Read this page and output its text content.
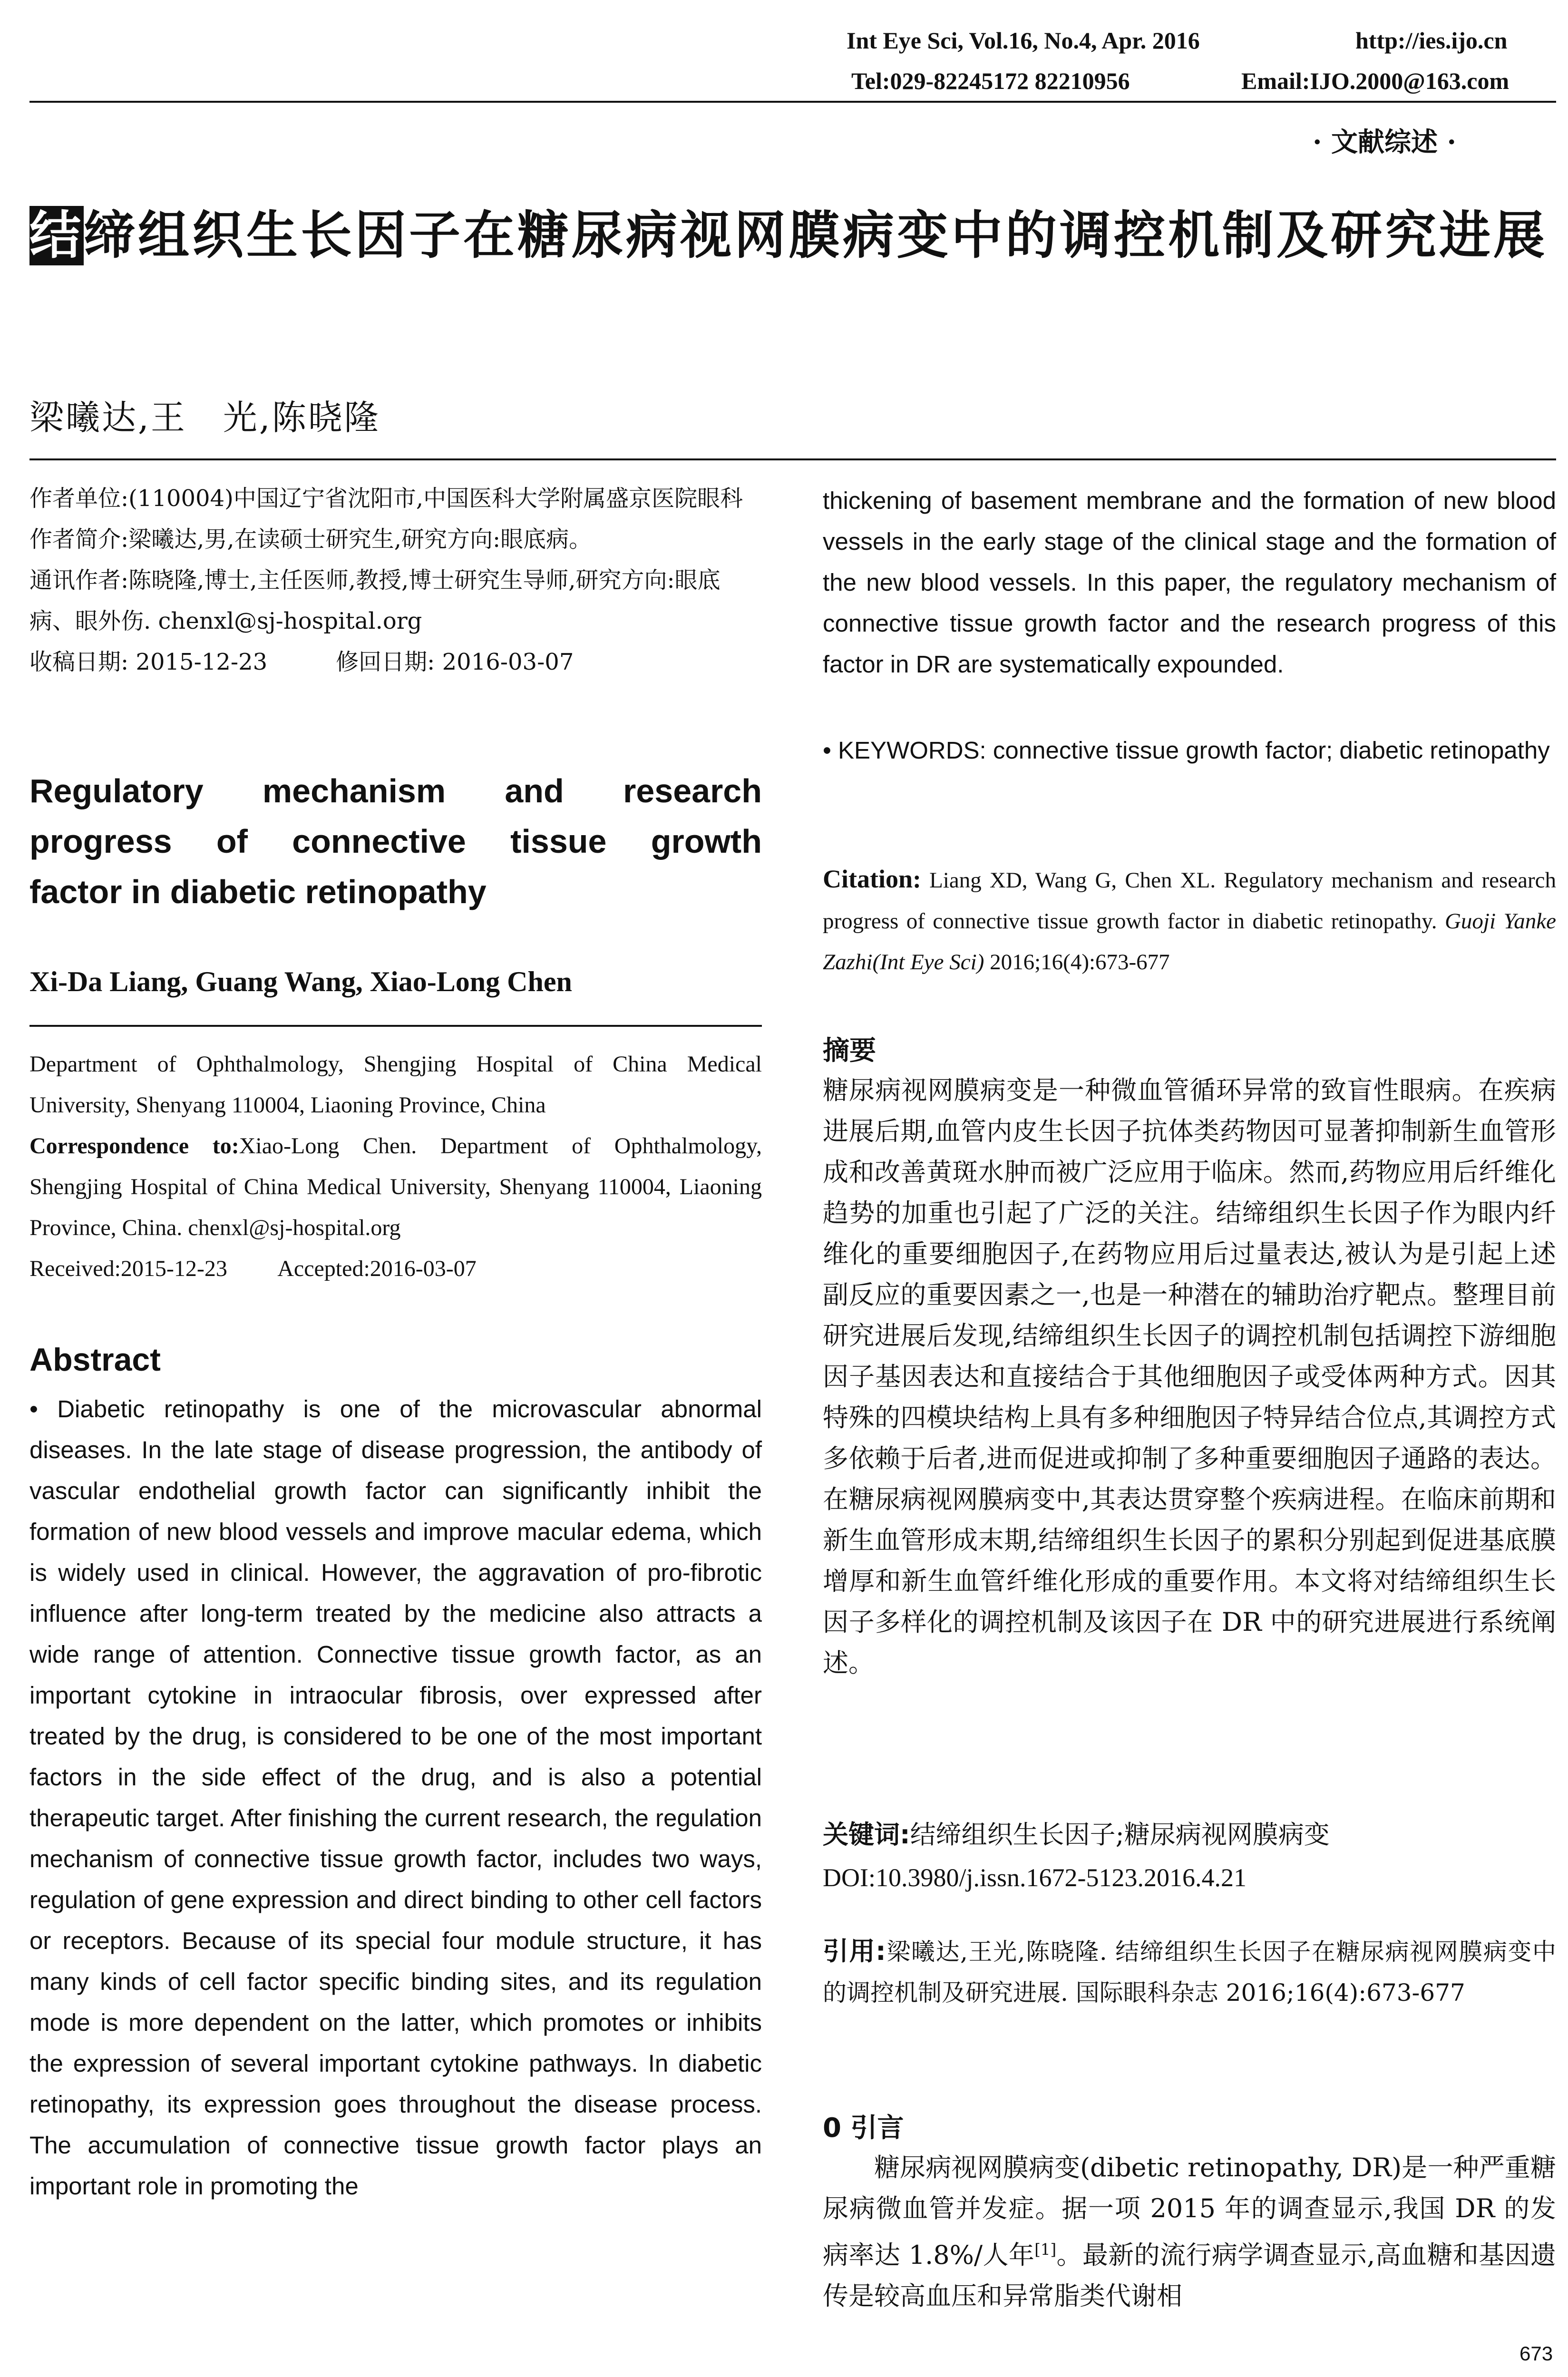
Int Eye Sci, Vol.16, No.4, Apr. 2016	http://ies.ijo.cn
Tel:029-82245172 82210956	Email:IJO.2000@163.com
· 文献综述 ·
结缔组织生长因子在糖尿病视网膜病变中的调控机制及研究进展
梁曦达,王　光,陈晓隆
作者单位:(110004)中国辽宁省沈阳市,中国医科大学附属盛京医院眼科
作者简介:梁曦达,男,在读硕士研究生,研究方向:眼底病。
通讯作者:陈晓隆,博士,主任医师,教授,博士研究生导师,研究方向:眼底病、眼外伤. chenxl@sj-hospital.org
收稿日期: 2015-12-23　　　修回日期: 2016-03-07
Regulatory mechanism and research
progress of connective tissue growth
factor in diabetic retinopathy
Xi-Da Liang, Guang Wang, Xiao-Long Chen
Department of Ophthalmology, Shengjing Hospital of China Medical University, Shenyang 110004, Liaoning Province, China
Correspondence to:Xiao-Long Chen. Department of Ophthalmology, Shengjing Hospital of China Medical University, Shenyang 110004, Liaoning Province, China. chenxl@sj-hospital.org
Received:2015-12-23　　 Accepted:2016-03-07
Abstract
• Diabetic retinopathy is one of the microvascular abnormal diseases. In the late stage of disease progression, the antibody of vascular endothelial growth factor can significantly inhibit the formation of new blood vessels and improve macular edema, which is widely used in clinical. However, the aggravation of pro-fibrotic influence after long-term treated by the medicine also attracts a wide range of attention. Connective tissue growth factor, as an important cytokine in intraocular fibrosis, over expressed after treated by the drug, is considered to be one of the most important factors in the side effect of the drug, and is also a potential therapeutic target. After finishing the current research, the regulation mechanism of connective tissue growth factor, includes two ways, regulation of gene expression and direct binding to other cell factors or receptors. Because of its special four module structure, it has many kinds of cell factor specific binding sites, and its regulation mode is more dependent on the latter, which promotes or inhibits the expression of several important cytokine pathways. In diabetic retinopathy, its expression goes throughout the disease process. The accumulation of connective tissue growth factor plays an important role in promoting the
thickening of basement membrane and the formation of new blood vessels in the early stage of the clinical stage and the formation of the new blood vessels. In this paper, the regulatory mechanism of connective tissue growth factor and the research progress of this factor in DR are systematically expounded.
• KEYWORDS: connective tissue growth factor; diabetic retinopathy
Citation: Liang XD, Wang G, Chen XL. Regulatory mechanism and research progress of connective tissue growth factor in diabetic retinopathy. Guoji Yanke Zazhi(Int Eye Sci) 2016;16(4):673-677
摘要
糖尿病视网膜病变是一种微血管循环异常的致盲性眼病。在疾病进展后期,血管内皮生长因子抗体类药物因可显著抑制新生血管形成和改善黄斑水肿而被广泛应用于临床。然而,药物应用后纤维化趋势的加重也引起了广泛的关注。结缔组织生长因子作为眼内纤维化的重要细胞因子,在药物应用后过量表达,被认为是引起上述副反应的重要因素之一,也是一种潜在的辅助治疗靶点。整理目前研究进展后发现,结缔组织生长因子的调控机制包括调控下游细胞因子基因表达和直接结合于其他细胞因子或受体两种方式。因其特殊的四模块结构上具有多种细胞因子特异结合位点,其调控方式多依赖于后者,进而促进或抑制了多种重要细胞因子通路的表达。在糖尿病视网膜病变中,其表达贯穿整个疾病进程。在临床前期和新生血管形成末期,结缔组织生长因子的累积分别起到促进基底膜增厚和新生血管纤维化形成的重要作用。本文将对结缔组织生长因子多样化的调控机制及该因子在 DR 中的研究进展进行系统阐述。
关键词:结缔组织生长因子;糖尿病视网膜病变
DOI:10.3980/j.issn.1672-5123.2016.4.21
引用:梁曦达,王光,陈晓隆. 结缔组织生长因子在糖尿病视网膜病变中的调控机制及研究进展. 国际眼科杂志 2016;16(4):673-677
0 引言
糖尿病视网膜病变(dibetic retinopathy, DR)是一种严重糖尿病微血管并发症。据一项 2015 年的调查显示,我国 DR 的发病率达 1.8%/人年[1]。最新的流行病学调查显示,高血糖和基因遗传是较高血压和异常脂类代谢相
673
